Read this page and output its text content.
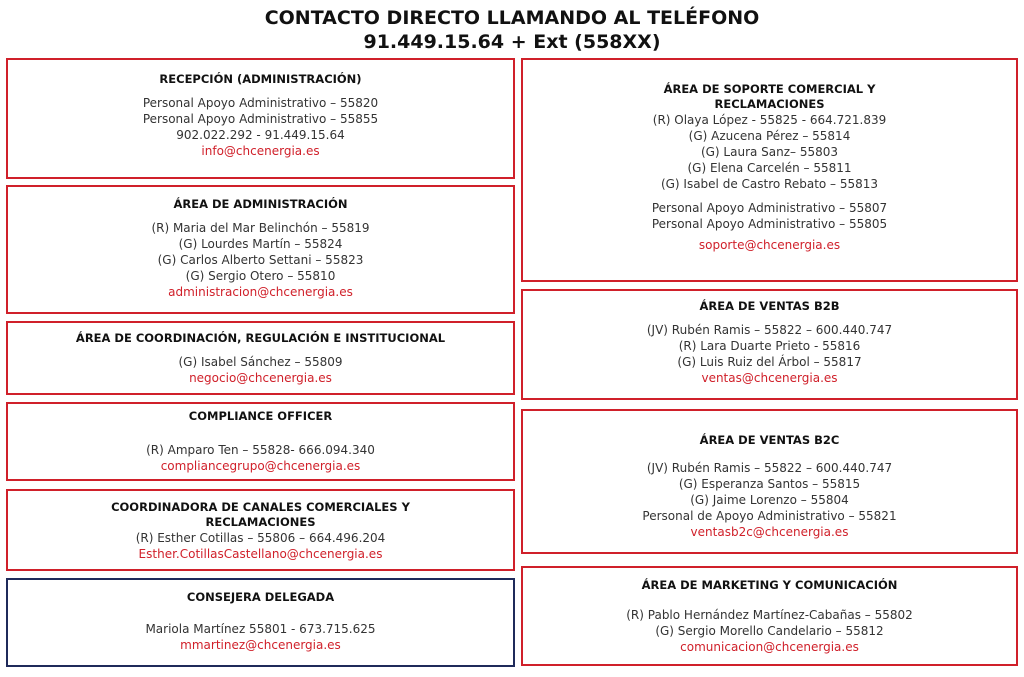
CONTACTO DIRECTO LLAMANDO AL TELÉFONO
91.449.15.64 + Ext (558XX)
RECEPCIÓN (ADMINISTRACIÓN)
Personal Apoyo Administrativo – 55820
Personal Apoyo Administrativo – 55855
902.022.292 - 91.449.15.64
info@chcenergia.es
ÁREA DE ADMINISTRACIÓN
(R) Maria del Mar Belinchón – 55819
(G) Lourdes Martín – 55824
(G) Carlos Alberto Settani – 55823
(G) Sergio Otero – 55810
administracion@chcenergia.es
ÁREA DE COORDINACIÓN, REGULACIÓN E INSTITUCIONAL
(G) Isabel Sánchez – 55809
negocio@chcenergia.es
COMPLIANCE OFFICER
(R) Amparo Ten – 55828- 666.094.340
compliancegrupo@chcenergia.es
COORDINADORA DE CANALES COMERCIALES Y
RECLAMACIONES
(R) Esther Cotillas – 55806 – 664.496.204
Esther.CotillasCastellano@chcenergia.es
CONSEJERA DELEGADA
Mariola Martínez 55801 - 673.715.625
mmartinez@chcenergia.es
ÁREA DE SOPORTE COMERCIAL Y
RECLAMACIONES
(R) Olaya López - 55825 - 664.721.839
(G) Azucena Pérez – 55814
(G) Laura Sanz– 55803
(G) Elena Carcelén – 55811
(G) Isabel de Castro Rebato – 55813
Personal Apoyo Administrativo – 55807
Personal Apoyo Administrativo – 55805
soporte@chcenergia.es
ÁREA DE VENTAS B2B
(JV) Rubén Ramis – 55822 – 600.440.747
(R) Lara Duarte Prieto - 55816
(G) Luis Ruiz del Árbol – 55817
ventas@chcenergia.es
ÁREA DE VENTAS B2C
(JV) Rubén Ramis – 55822 – 600.440.747
(G) Esperanza Santos – 55815
(G) Jaime Lorenzo – 55804
Personal de Apoyo Administrativo – 55821
ventasb2c@chcenergia.es
ÁREA DE MARKETING Y COMUNICACIÓN
(R) Pablo Hernández Martínez-Cabañas – 55802
(G) Sergio Morello Candelario – 55812
comunicacion@chcenergia.es
